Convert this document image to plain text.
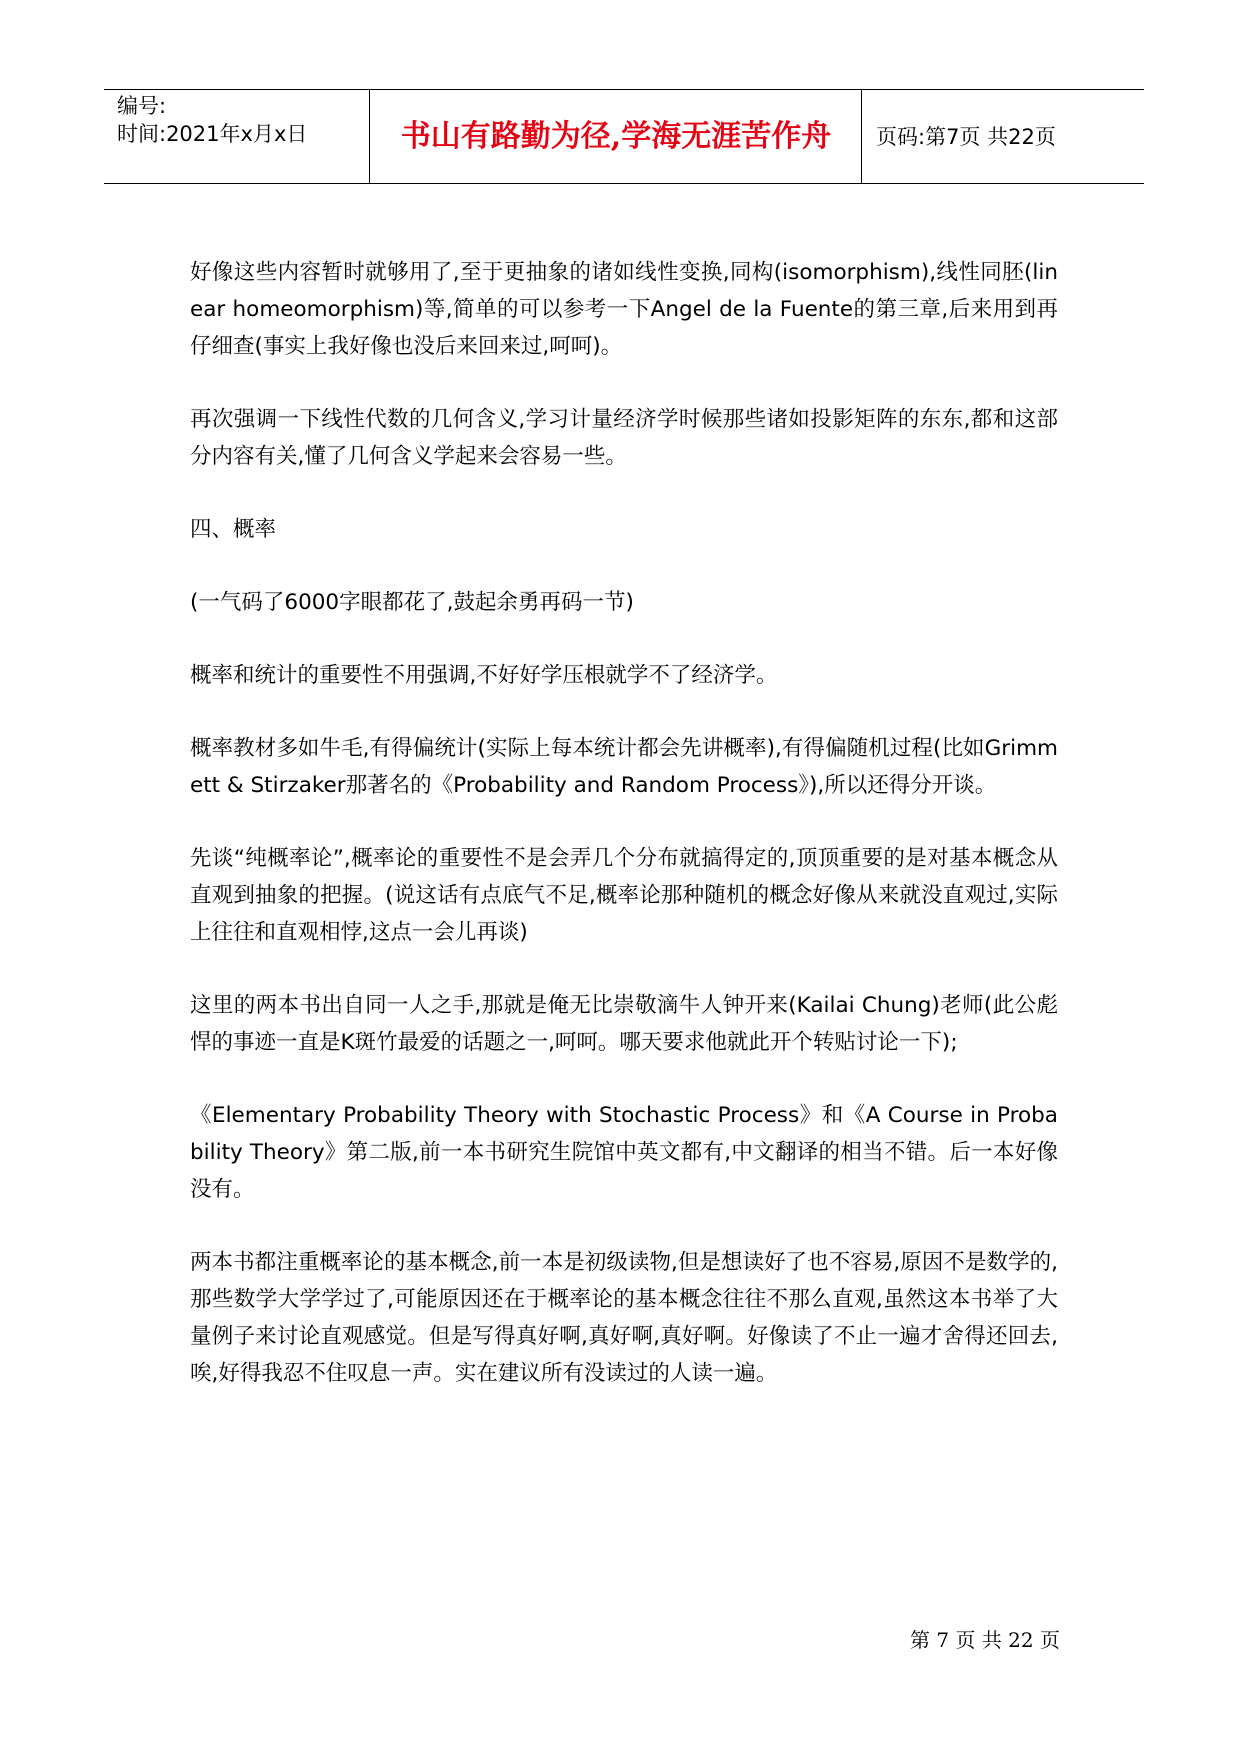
编号:
时间:2021年x月x日	书山有路勤为径,学海无涯苦作舟	页码:第7页 共22页

好像这些内容暂时就够用了,至于更抽象的诸如线性变换,同构(isomorphism),线性同胚(linear homeomorphism)等,简单的可以参考一下Angel de la Fuente的第三章,后来用到再仔细查(事实上我好像也没后来回来过,呵呵)。

再次强调一下线性代数的几何含义,学习计量经济学时候那些诸如投影矩阵的东东,都和这部分内容有关,懂了几何含义学起来会容易一些。

四、概率

(一气码了6000字眼都花了,鼓起余勇再码一节)

概率和统计的重要性不用强调,不好好学压根就学不了经济学。

概率教材多如牛毛,有得偏统计(实际上每本统计都会先讲概率),有得偏随机过程(比如Grimmett & Stirzaker那著名的《Probability and Random Process》),所以还得分开谈。

先谈“纯概率论”,概率论的重要性不是会弄几个分布就搞得定的,顶顶重要的是对基本概念从直观到抽象的把握。(说这话有点底气不足,概率论那种随机的概念好像从来就没直观过,实际上往往和直观相悖,这点一会儿再谈)

这里的两本书出自同一人之手,那就是俺无比崇敬滴牛人钟开来(Kailai Chung)老师(此公彪悍的事迹一直是K斑竹最爱的话题之一,呵呵。哪天要求他就此开个转贴讨论一下);

《Elementary Probability Theory with Stochastic Process》和《A Course in Probability Theory》第二版,前一本书研究生院馆中英文都有,中文翻译的相当不错。后一本好像没有。

两本书都注重概率论的基本概念,前一本是初级读物,但是想读好了也不容易,原因不是数学的,那些数学大学学过了,可能原因还在于概率论的基本概念往往不那么直观,虽然这本书举了大量例子来讨论直观感觉。但是写得真好啊,真好啊,真好啊。好像读了不止一遍才舍得还回去,唉,好得我忍不住叹息一声。实在建议所有没读过的人读一遍。

第 7 页 共 22 页
